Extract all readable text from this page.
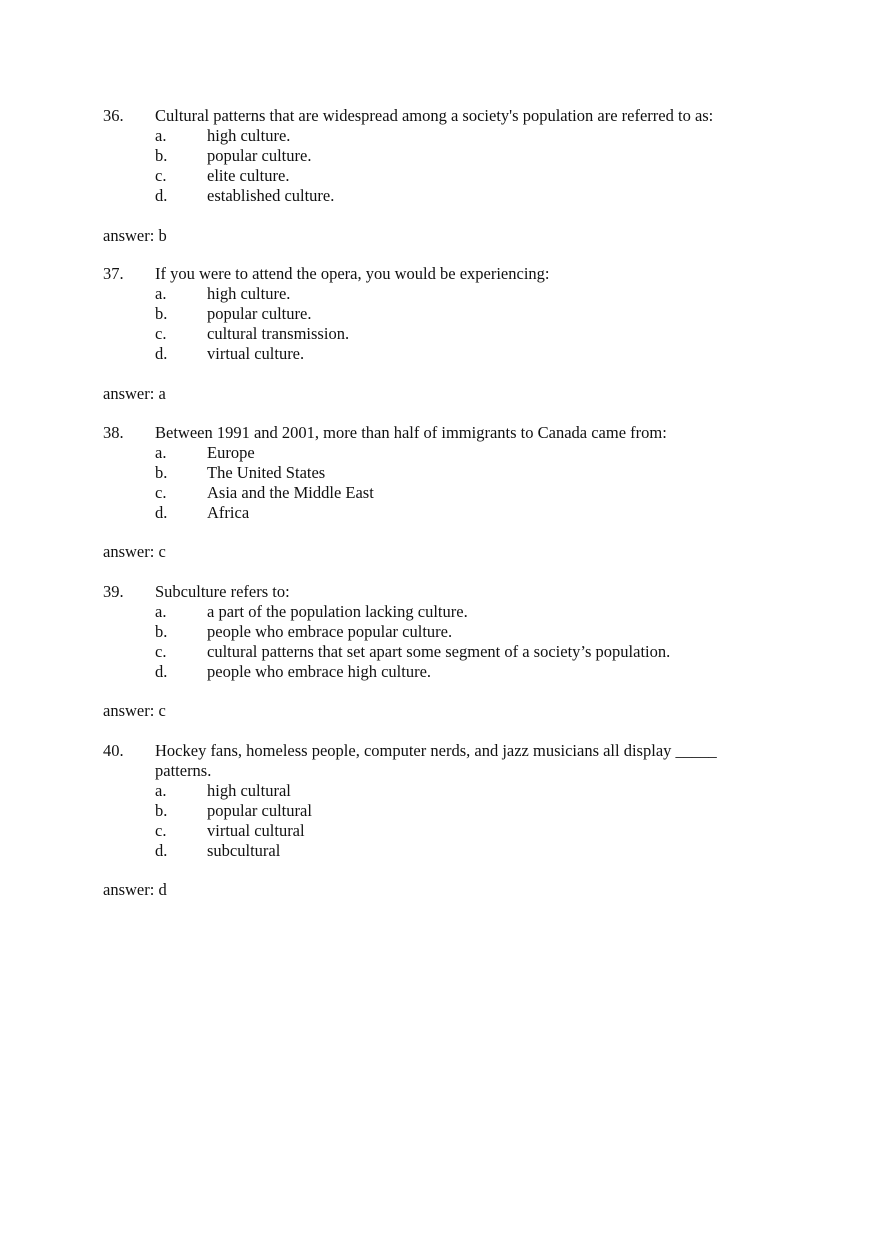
36.	Cultural patterns that are widespread among a society's population are referred to as:
a.	high culture.
b.	popular culture.
c.	elite culture.
d.	established culture.
answer: b
37.	If you were to attend the opera, you would be experiencing:
a.	high culture.
b.	popular culture.
c.	cultural transmission.
d.	virtual culture.
answer: a
38.	Between 1991 and 2001, more than half of immigrants to Canada came from:
a.	Europe
b.	The United States
c.	Asia and the Middle East
d.	Africa
answer: c
39.	Subculture refers to:
a.	a part of the population lacking culture.
b.	people who embrace popular culture.
c.	cultural patterns that set apart some segment of a society’s population.
d.	people who embrace high culture.
answer: c
40.	Hockey fans, homeless people, computer nerds, and jazz musicians all display _____ patterns.
a.	high cultural
b.	popular cultural
c.	virtual cultural
d.	subcultural
answer: d
